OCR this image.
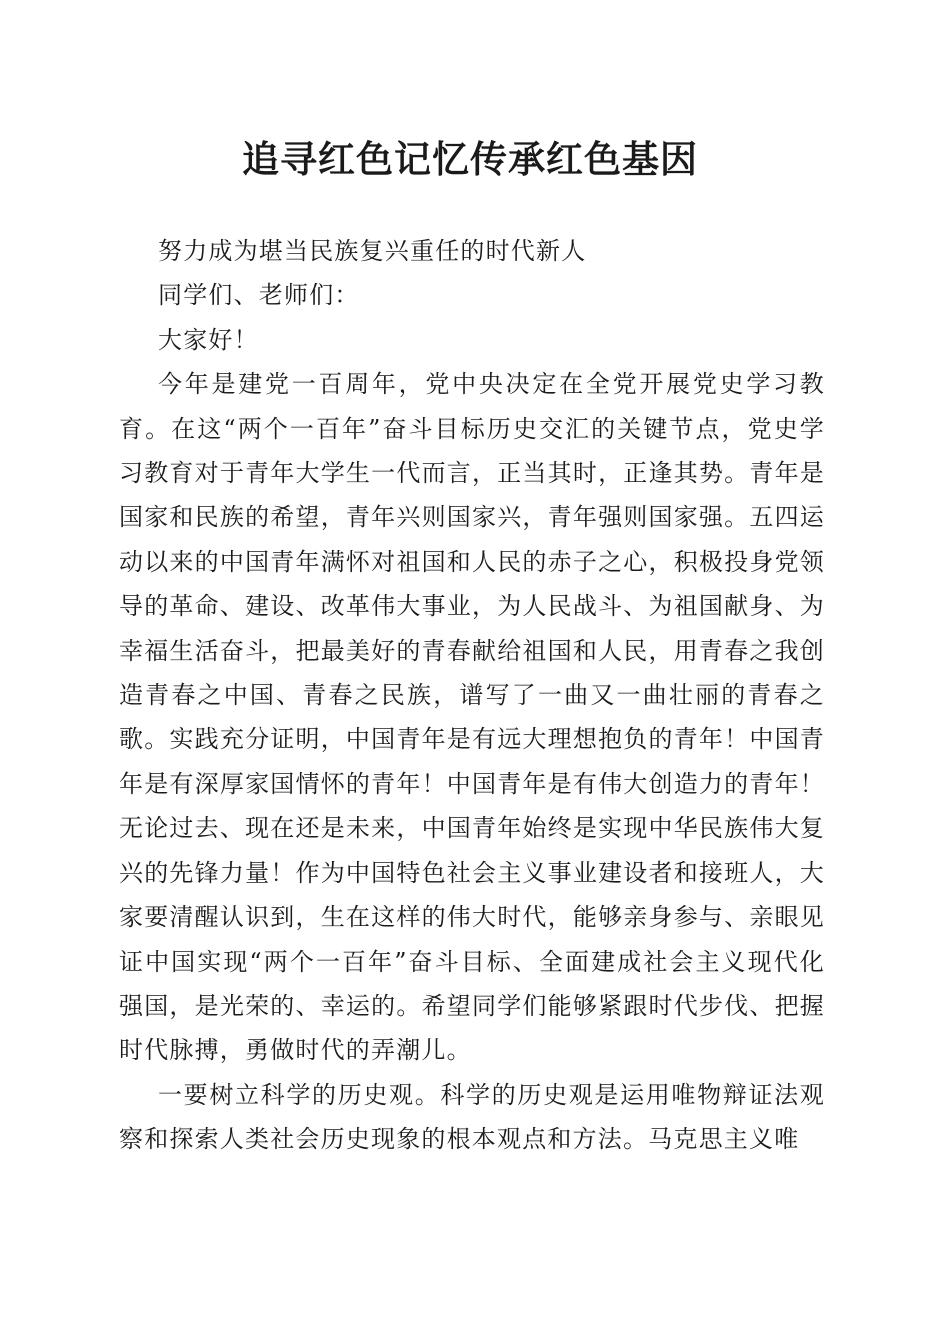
追寻红色记忆传承红色基因

努力成为堪当民族复兴重任的时代新人

同学们、老师们：

大家好！

今年是建党一百周年，党中央决定在全党开展党史学习教育。在这“两个一百年”奋斗目标历史交汇的关键节点，党史学习教育对于青年大学生一代而言，正当其时，正逢其势。青年是国家和民族的希望，青年兴则国家兴，青年强则国家强。五四运动以来的中国青年满怀对祖国和人民的赤子之心，积极投身党领导的革命、建设、改革伟大事业，为人民战斗、为祖国献身、为幸福生活奋斗，把最美好的青春献给祖国和人民，用青春之我创造青春之中国、青春之民族，谱写了一曲又一曲壮丽的青春之歌。实践充分证明，中国青年是有远大理想抱负的青年！中国青年是有深厚家国情怀的青年！中国青年是有伟大创造力的青年！无论过去、现在还是未来，中国青年始终是实现中华民族伟大复兴的先锋力量！作为中国特色社会主义事业建设者和接班人，大家要清醒认识到，生在这样的伟大时代，能够亲身参与、亲眼见证中国实现“两个一百年”奋斗目标、全面建成社会主义现代化强国，是光荣的、幸运的。希望同学们能够紧跟时代步伐、把握时代脉搏，勇做时代的弄潮儿。

一要树立科学的历史观。科学的历史观是运用唯物辩证法观察和探索人类社会历史现象的根本观点和方法。马克思主义唯
